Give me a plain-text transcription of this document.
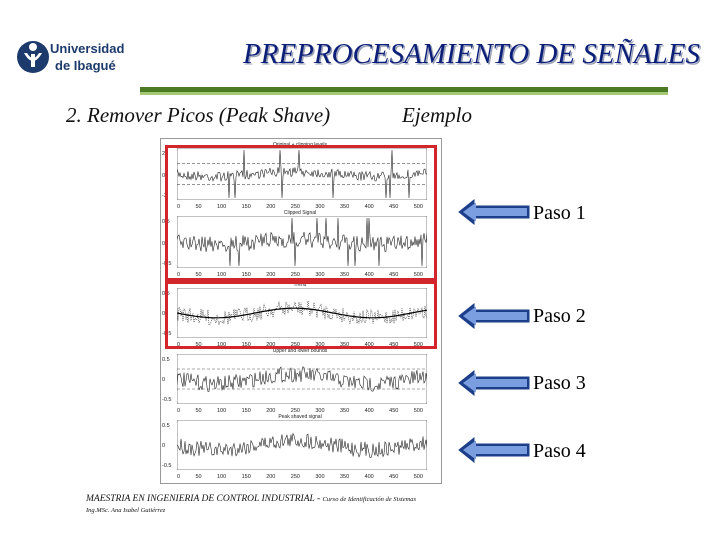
Universidad
de Ibagué	PREPROCESAMIENTO DE SEÑALES
2. Remover Picos (Peak Shave)	Ejemplo
Original + clipping levels
2
0
-2
0	50	100	150	200	250	300	350	400	450	500
Clipped Signal
0.5
0
-0.5
0	50	100	150	200	250	300	350	400	450	500
Trend
0.5
0
-0.5
0	50	100	150	200	250	300	350	400	450	500
Upper and lower bounds
0.5
0
-0.5
0	50	100	150	200	250	300	350	400	450	500
Peak shaved signal
0.5
0
-0.5
0	50	100	150	200	250	300	350	400	450	500
Paso 1
Paso 2
Paso 3
Paso 4
MAESTRIA EN INGENIERIA DE CONTROL INDUSTRIAL - Curso de Identificación de Sistemas
Ing.MSc. Ana Isabel Gutiérrez
